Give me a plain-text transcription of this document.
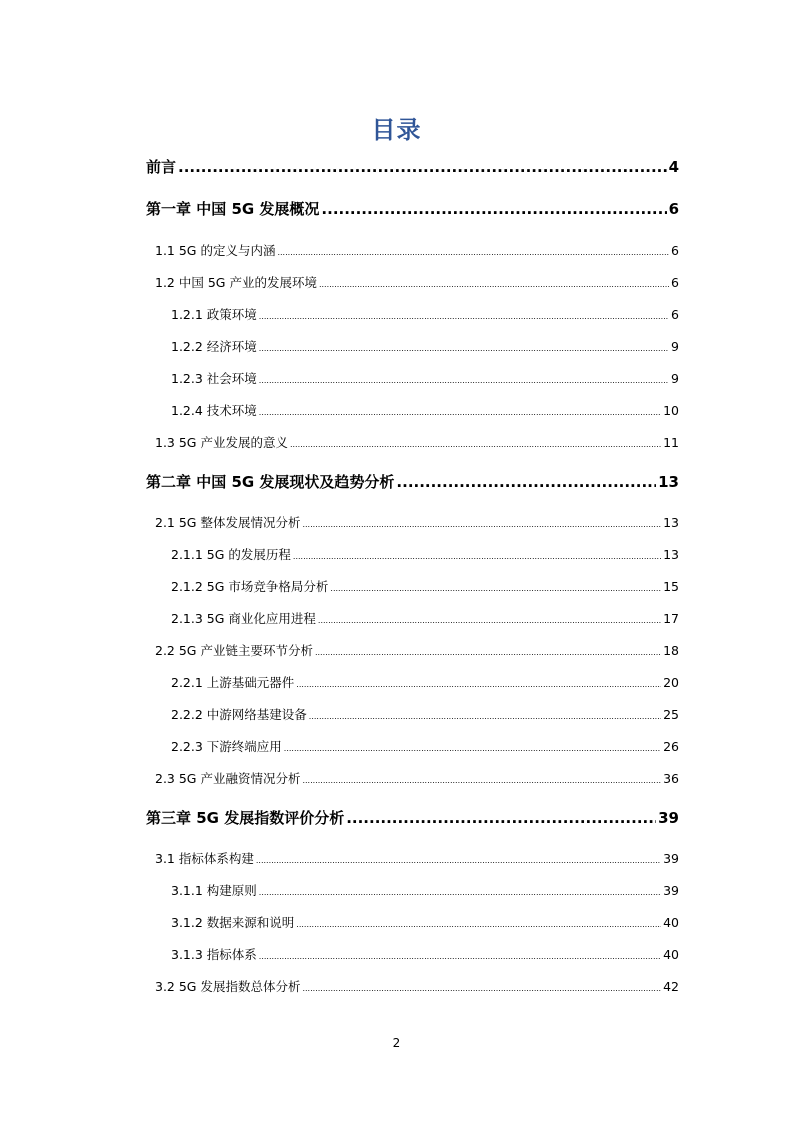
目录
前言 .....	4
第一章 中国 5G 发展概况 .....	6
1.1 5G 的定义与内涵 .....	6
1.2 中国 5G 产业的发展环境 .....	6
1.2.1 政策环境 .....	6
1.2.2 经济环境 .....	9
1.2.3 社会环境 .....	9
1.2.4 技术环境 .....	10
1.3 5G 产业发展的意义 .....	11
第二章 中国 5G 发展现状及趋势分析 .....	13
2.1 5G 整体发展情况分析 .....	13
2.1.1 5G 的发展历程 .....	13
2.1.2 5G 市场竞争格局分析 .....	15
2.1.3 5G 商业化应用进程 .....	17
2.2 5G 产业链主要环节分析 .....	18
2.2.1 上游基础元器件 .....	20
2.2.2 中游网络基建设备 .....	25
2.2.3 下游终端应用 .....	26
2.3 5G 产业融资情况分析 .....	36
第三章 5G 发展指数评价分析 .....	39
3.1 指标体系构建 .....	39
3.1.1 构建原则 .....	39
3.1.2 数据来源和说明 .....	40
3.1.3 指标体系 .....	40
3.2 5G 发展指数总体分析 .....	42
2
